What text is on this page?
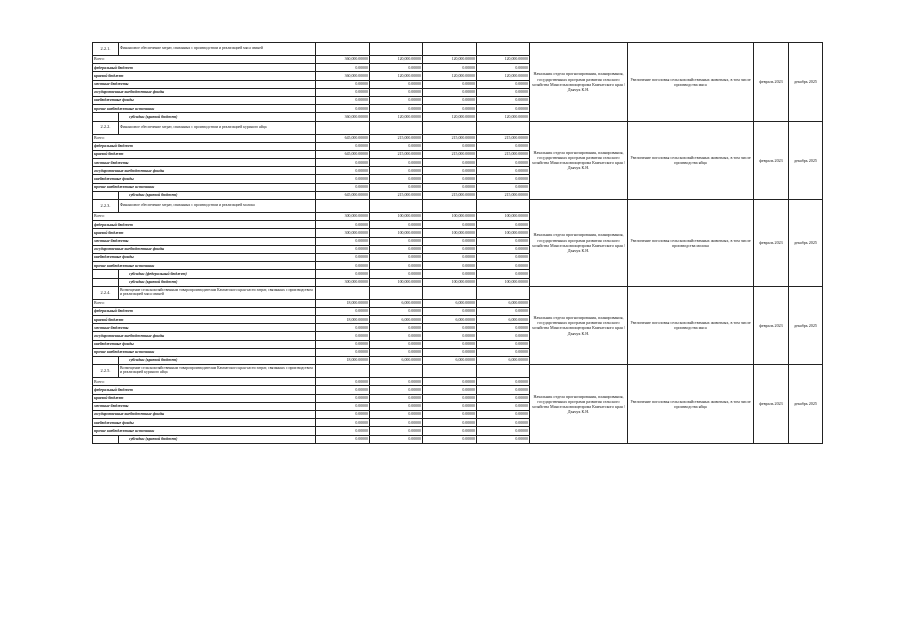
2.2.1.	Финансовое обеспечение затрат, связанных с производством и реализацией мяса свиней					Начальник отдела прогнозирования, планирования, государственных программ развития сельского хозяйства Минсельхозпищепрома Камчатского края / Дьячук К.Н.	Увеличение поголовья сельскохозяйственных животных, в том числе производства мяса	февраль 2023	декабрь 2025
Всего:		360,000.00000	120,000.00000	120,000.00000	120,000.00000				
федеральный бюджет		0.00000	0.00000	0.00000	0.00000				
краевой бюджет		360,000.00000	120,000.00000	120,000.00000	120,000.00000				
местные бюджеты		0.00000	0.00000	0.00000	0.00000				
государственные внебюджетные фонды		0.00000	0.00000	0.00000	0.00000				
внебюджетные фонды		0.00000	0.00000	0.00000	0.00000				
прочие внебюджетные источники		0.00000	0.00000	0.00000	0.00000				
	субсидии (краевой бюджет)	360,000.00000	120,000.00000	120,000.00000	120,000.00000				
2.2.2.	Финансовое обеспечение затрат, связанных с производством и реализацией куриного яйца					Начальник отдела прогнозирования, планирования, государственных программ развития сельского хозяйства Минсельхозпищепрома Камчатского края / Дьячук К.Н.	Увеличение поголовья сельскохозяйственных животных, в том числе производства яйца	февраль 2023	декабрь 2025
Всего:		645,000.00000	215,000.00000	215,000.00000	215,000.00000				
федеральный бюджет		0.00000	0.00000	0.00000	0.00000				
краевой бюджет		645,000.00000	215,000.00000	215,000.00000	215,000.00000				
местные бюджеты		0.00000	0.00000	0.00000	0.00000				
государственные внебюджетные фонды		0.00000	0.00000	0.00000	0.00000				
внебюджетные фонды		0.00000	0.00000	0.00000	0.00000				
прочие внебюджетные источники		0.00000	0.00000	0.00000	0.00000				
	субсидии (краевой бюджет)	645,000.00000	215,000.00000	215,000.00000	215,000.00000				
2.2.3.	Финансовое обеспечение затрат, связанных с производством и реализацией молока					Начальник отдела прогнозирования, планирования, государственных программ развития сельского хозяйства Минсельхозпищепрома Камчатского края / Дьячук К.Н.	Увеличение поголовья сельскохозяйственных животных, в том числе производства молока	февраль 2023	декабрь 2025
Всего:		300,000.00000	100,000.00000	100,000.00000	100,000.00000				
федеральный бюджет		0.00000	0.00000	0.00000	0.00000				
краевой бюджет		300,000.00000	100,000.00000	100,000.00000	100,000.00000				
местные бюджеты		0.00000	0.00000	0.00000	0.00000				
государственные внебюджетные фонды		0.00000	0.00000	0.00000	0.00000				
внебюджетные фонды		0.00000	0.00000	0.00000	0.00000				
прочие внебюджетные источники		0.00000	0.00000	0.00000	0.00000				
	субсидии (федеральный бюджет)	0.00000	0.00000	0.00000	0.00000				
	субсидии (краевой бюджет)	300,000.00000	100,000.00000	100,000.00000	100,000.00000				
2.2.4.	Возмещение сельскохозяйственным товаропроизводителям Камчатского края части затрат, связанных с производством и реализацией мяса свиней					Начальник отдела прогнозирования, планирования, государственных программ развития сельского хозяйства Минсельхозпищепрома Камчатского края / Дьячук К.Н.	Увеличение поголовья сельскохозяйственных животных, в том числе производства мяса	февраль 2023	декабрь 2025
Всего:		18,000.00000	6,000.00000	6,000.00000	6,000.00000				
федеральный бюджет		0.00000	0.00000	0.00000	0.00000				
краевой бюджет		18,000.00000	6,000.00000	6,000.00000	6,000.00000				
местные бюджеты		0.00000	0.00000	0.00000	0.00000				
государственные внебюджетные фонды		0.00000	0.00000	0.00000	0.00000				
внебюджетные фонды		0.00000	0.00000	0.00000	0.00000				
прочие внебюджетные источники		0.00000	0.00000	0.00000	0.00000				
	субсидии (краевой бюджет)	18,000.00000	6,000.00000	6,000.00000	6,000.00000				
2.2.5.	Возмещение сельскохозяйственным товаропроизводителям Камчатского края части затрат, связанных с производством и реализацией куриного яйца					Начальник отдела прогнозирования, планирования, государственных программ развития сельского хозяйства Минсельхозпищепрома Камчатского края / Дьячук К.Н.	Увеличение поголовья сельскохозяйственных животных, в том числе производства яйца	февраль 2023	декабрь 2025
Всего:		0.00000	0.00000	0.00000	0.00000				
федеральный бюджет		0.00000	0.00000	0.00000	0.00000				
краевой бюджет		0.00000	0.00000	0.00000	0.00000				
местные бюджеты		0.00000	0.00000	0.00000	0.00000				
государственные внебюджетные фонды		0.00000	0.00000	0.00000	0.00000				
внебюджетные фонды		0.00000	0.00000	0.00000	0.00000				
прочие внебюджетные источники		0.00000	0.00000	0.00000	0.00000				
	субсидии (краевой бюджет)	0.00000	0.00000	0.00000	0.00000				
